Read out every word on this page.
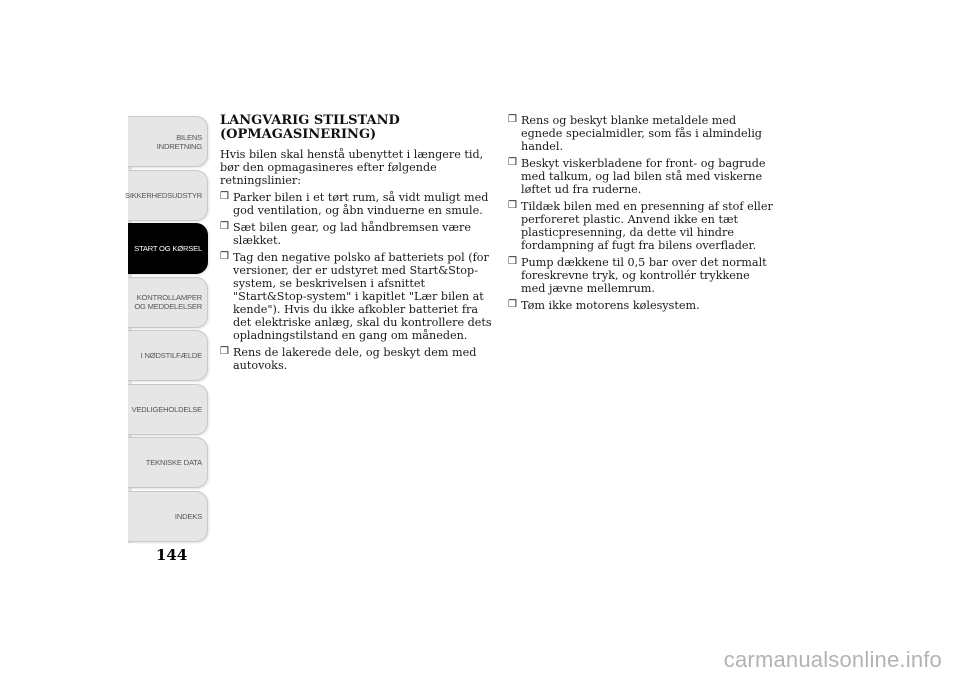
BILENS
INDRETNING
SIKKERHEDSUDSTYR
START OG KØRSEL
KONTROLLAMPER
OG MEDDELELSER
I NØDSTILFÆLDE
VEDLIGEHOLDELSE
TEKNISKE DATA
INDEKS
144
LANGVARIG STILSTAND
(OPMAGASINERING)

Hvis bilen skal henstå ubenyttet i længere tid, bør den opmagasineres efter følgende retningslinier:

❒ Parker bilen i et tørt rum, så vidt muligt med god ventilation, og åbn vinduerne en smule.
❒ Sæt bilen gear, og lad håndbremsen være slækket.
❒ Tag den negative polsko af batteriets pol (for versioner, der er udstyret med Start&Stop-system, se beskrivelsen i afsnittet "Start&Stop-system" i kapitlet "Lær bilen at kende"). Hvis du ikke afkobler batteriet fra det elektriske anlæg, skal du kontrollere dets opladningstilstand en gang om måneden.
❒ Rens de lakerede dele, og beskyt dem med autovoks.
❒ Rens og beskyt blanke metaldele med egnede specialmidler, som fås i almindelig handel.
❒ Beskyt viskerbladene for front- og bagrude med talkum, og lad bilen stå med viskerne løftet ud fra ruderne.
❒ Tildæk bilen med en presenning af stof eller perforeret plastic. Anvend ikke en tæt plasticpresenning, da dette vil hindre fordampning af fugt fra bilens overflader.
❒ Pump dækkene til 0,5 bar over det normalt foreskrevne tryk, og kontrollér trykkene med jævne mellemrum.
❒ Tøm ikke motorens kølesystem.
carmanualsonline.info
